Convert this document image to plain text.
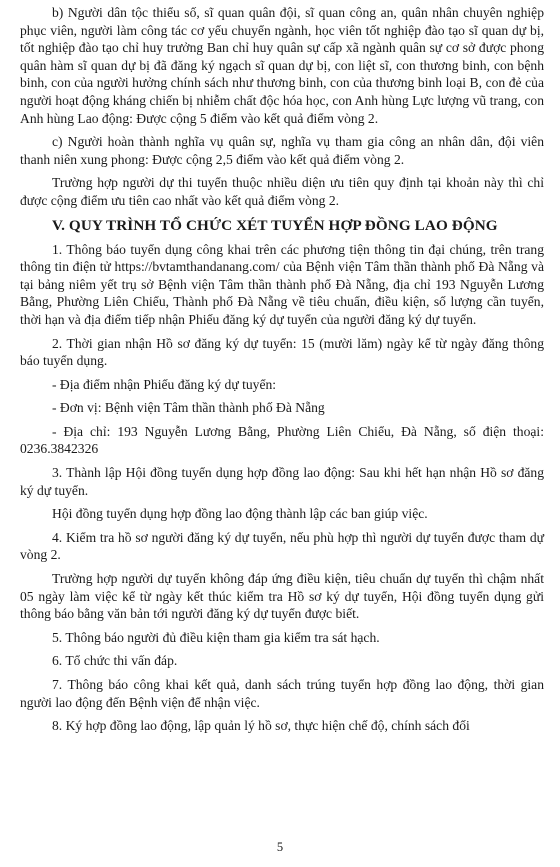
b) Người dân tộc thiểu số, sĩ quan quân đội, sĩ quan công an, quân nhân chuyên nghiệp phục viên, người làm công tác cơ yếu chuyển ngành, học viên tốt nghiệp đào tạo sĩ quan dự bị, tốt nghiệp đào tạo chỉ huy trưởng Ban chỉ huy quân sự cấp xã ngành quân sự cơ sở được phong quân hàm sĩ quan dự bị đã đăng ký ngạch sĩ quan dự bị, con liệt sĩ, con thương binh, con bệnh binh, con của người hưởng chính sách như thương binh, con của thương binh loại B, con đẻ của người hoạt động kháng chiến bị nhiễm chất độc hóa học, con Anh hùng Lực lượng vũ trang, con Anh hùng Lao động: Được cộng 5 điểm vào kết quả điểm vòng 2.

c) Người hoàn thành nghĩa vụ quân sự, nghĩa vụ tham gia công an nhân dân, đội viên thanh niên xung phong: Được cộng 2,5 điểm vào kết quả điểm vòng 2.

Trường hợp người dự thi tuyển thuộc nhiều diện ưu tiên quy định tại khoản này thì chỉ được cộng điểm ưu tiên cao nhất vào kết quả điểm vòng 2.

V. QUY TRÌNH TỔ CHỨC XÉT TUYỂN HỢP ĐỒNG LAO ĐỘNG

1. Thông báo tuyển dụng công khai trên các phương tiện thông tin đại chúng, trên trang thông tin điện tử https://bvtamthandanang.com/ của Bệnh viện Tâm thần thành phố Đà Nẵng và tại bảng niêm yết trụ sở Bệnh viện Tâm thần thành phố Đà Nẵng, địa chỉ 193 Nguyễn Lương Bằng, Phường Liên Chiểu, Thành phố Đà Nẵng về tiêu chuẩn, điều kiện, số lượng cần tuyển, thời hạn và địa điểm tiếp nhận Phiếu đăng ký dự tuyển của người đăng ký dự tuyển.

2. Thời gian nhận Hồ sơ đăng ký dự tuyển: 15 (mười lăm) ngày kể từ ngày đăng thông báo tuyển dụng.

- Địa điểm nhận Phiếu đăng ký dự tuyển:

- Đơn vị: Bệnh viện Tâm thần thành phố Đà Nẵng

- Địa chỉ: 193 Nguyễn Lương Bằng, Phường Liên Chiểu, Đà Nẵng, số điện thoại: 0236.3842326

3. Thành lập Hội đồng tuyển dụng hợp đồng lao động: Sau khi hết hạn nhận Hồ sơ đăng ký dự tuyển.

Hội đồng tuyển dụng hợp đồng lao động thành lập các ban giúp việc.

4. Kiểm tra hồ sơ người đăng ký dự tuyển, nếu phù hợp thì người dự tuyển được tham dự vòng 2.

Trường hợp người dự tuyển không đáp ứng điều kiện, tiêu chuẩn dự tuyển thì chậm nhất 05 ngày làm việc kể từ ngày kết thúc kiểm tra Hồ sơ ký dự tuyển, Hội đồng tuyển dụng gửi thông báo bằng văn bản tới người đăng ký dự tuyển được biết.

5. Thông báo người đủ điều kiện tham gia kiểm tra sát hạch.

6. Tổ chức thi vấn đáp.

7. Thông báo công khai kết quả, danh sách trúng tuyển hợp đồng lao động, thời gian người lao động đến Bệnh viện để nhận việc.

8. Ký hợp đồng lao động, lập quản lý hồ sơ, thực hiện chế độ, chính sách đối

5
